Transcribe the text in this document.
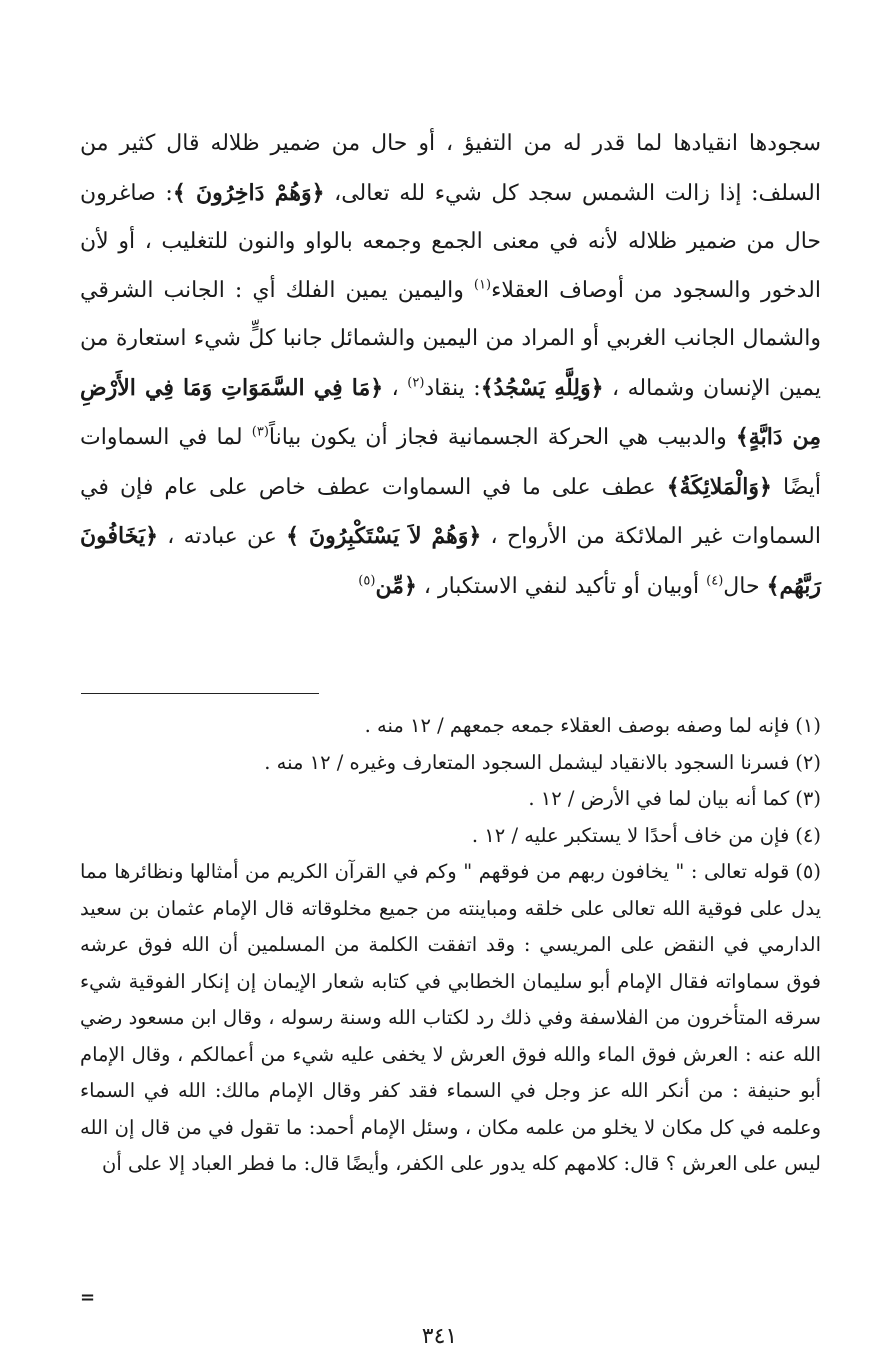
سجودها انقيادها لما قدر له من التفيؤ ، أو حال من ضمير ظلاله قال كثير من السلف: إذا زالت الشمس سجد كل شيء لله تعالى، ﴿وَهُمْ دَاخِرُونَ ﴾: صاغرون حال من ضمير ظلاله لأنه في معنى الجمع وجمعه بالواو والنون للتغليب ، أو لأن الدخور والسجود من أوصاف العقلاء$^{(١)}$ واليمين يمين الفلك أي : الجانب الشرقي والشمال الجانب الغربي أو المراد من اليمين والشمائل جانبا كلٍّ شيء استعارة من يمين الإنسان وشماله ، ﴿وَلِلَّهِ يَسْجُدُ﴾: ينقاد$^{(٢)}$ ، ﴿مَا فِي السَّمَوَاتِ وَمَا فِي الأَرْضِ مِن دَابَّةٍ﴾ والدبيب هي الحركة الجسمانية فجاز أن يكون بياناً$^{(٣)}$ لما في السماوات أيضًا ﴿وَالْمَلائِكَةُ﴾ عطف على ما في السماوات عطف خاص على عام فإن في السماوات غير الملائكة من الأرواح ، ﴿وَهُمْ لاَ يَسْتَكْبِرُونَ ﴾ عن عبادته ، ﴿يَخَافُونَ رَبَّهُم﴾ حال$^{(٤)}$ أوبيان أو تأكيد لنفي الاستكبار ، ﴿مِّن$^{(٥)}$

(١)فإنه لما وصفه بوصف العقلاء جمعه جمعهم / ١٢ منه .

(٢)فسرنا السجود بالانقياد ليشمل السجود المتعارف وغيره / ١٢ منه .

(٣)كما أنه بيان لما في الأرض / ١٢ .

(٤)فإن من خاف أحدًا لا يستكبر عليه / ١٢ .

(٥)قوله تعالى : " يخافون ربهم من فوقهم " وكم في القرآن الكريم من أمثالها ونظائرها مما يدل على فوقية الله تعالى على خلقه ومباينته من جميع مخلوقاته قال الإمام عثمان بن سعيد الدارمي في النقض على المريسي : وقد اتفقت الكلمة من المسلمين أن الله فوق عرشه فوق سماواته فقال الإمام أبو سليمان الخطابي في كتابه شعار الإيمان إن إنكار الفوقية شيء سرقه المتأخرون من الفلاسفة وفي ذلك رد لكتاب الله وسنة رسوله ، وقال ابن مسعود رضي الله عنه : العرش فوق الماء والله فوق العرش لا يخفى عليه شيء من أعمالكم ، وقال الإمام أبو حنيفة : من أنكر الله عز وجل في السماء فقد كفر وقال الإمام مالك: الله في السماء وعلمه في كل مكان لا يخلو من علمه مكان ، وسئل الإمام أحمد: ما تقول في من قال إن الله ليس على العرش ؟ قال: كلامهم كله يدور على الكفر، وأيضًا قال: ما فطر العباد إلا على أن

=
٣٤١
